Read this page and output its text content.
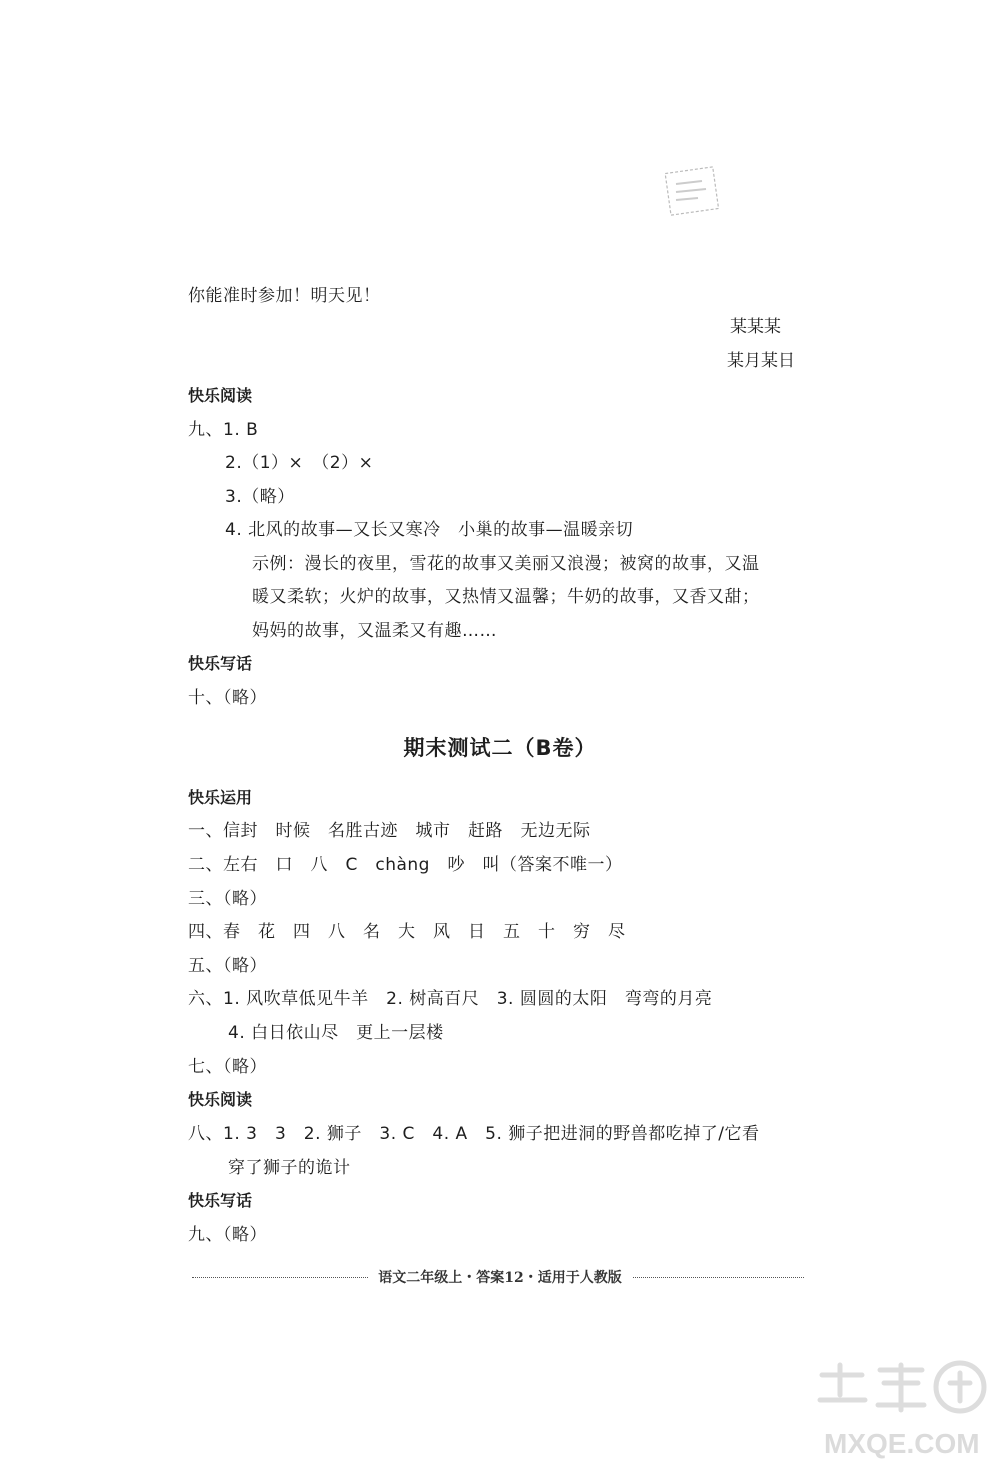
你能准时参加！明天见！
某某某
某月某日
快乐阅读
九、1. B
2.（1）×　（2）×
3.（略）
4. 北风的故事—又长又寒冷　小巢的故事—温暖亲切
示例：漫长的夜里，雪花的故事又美丽又浪漫；被窝的故事，又温
暖又柔软；火炉的故事，又热情又温馨；牛奶的故事，又香又甜；
妈妈的故事，又温柔又有趣……
快乐写话
十、（略）
期末测试二（B卷）
快乐运用
一、信封　时候　名胜古迹　城市　赶路　无边无际
二、左右　口　八　C　chàng　吵　叫（答案不唯一）
三、（略）
四、春　花　四　八　名　大　风　日　五　十　穷　尽
五、（略）
六、1. 风吹草低见牛羊　2. 树高百尺　3. 圆圆的太阳　弯弯的月亮
4. 白日依山尽　更上一层楼
七、（略）
快乐阅读
八、1. 3　3　2. 狮子　3. C　4. A　5. 狮子把进洞的野兽都吃掉了/它看
穿了狮子的诡计
快乐写话
九、（略）
语文二年级上・答案12・适用于人教版
MXQE.COM
